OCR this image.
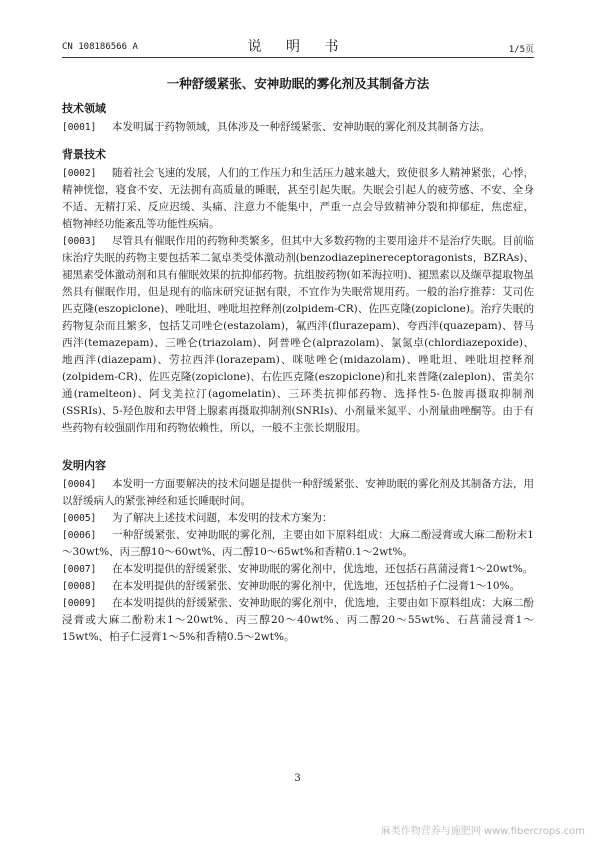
CN 108186566 A	说 明 书	1/5页
一种舒缓紧张、安神助眠的雾化剂及其制备方法
技术领域
[0001] 本发明属于药物领域，具体涉及一种舒缓紧张、安神助眠的雾化剂及其制备方法。
背景技术
[0002] 随着社会飞速的发展，人们的工作压力和生活压力越来越大，致使很多人精神紧张，心悸，精神恍惚，寝食不安、无法拥有高质量的睡眠，甚至引起失眠。失眠会引起人的疲劳感、不安、全身不适、无精打采、反应迟缓、头痛、注意力不能集中，严重一点会导致精神分裂和抑郁症，焦虑症，植物神经功能紊乱等功能性疾病。
[0003] 尽管具有催眠作用的药物种类繁多，但其中大多数药物的主要用途并不是治疗失眠。目前临床治疗失眠的药物主要包括苯二氮卓类受体激动剂(benzodiazepinereceptoragonists，BZRAs)、褪黑素受体激动剂和具有催眠效果的抗抑郁药物。抗组胺药物(如苯海拉明)、褪黑素以及缬草提取物虽然具有催眠作用，但是现有的临床研究证据有限，不宜作为失眠常规用药。一般的治疗推荐：艾司佐匹克隆(eszopiclone)、唑吡坦、唑吡坦控释剂(zolpidem-CR)、佐匹克隆(zopiclone)。治疗失眠的药物复杂而且繁多，包括艾司唑仑(estazolam)，氟西泮(flurazepam)、夸西泮(quazepam)、替马西泮(temazepam)、三唑仑(triazolam)、阿普唑仑(alprazolam)、氯氮卓(chlordiazepoxide)、地西泮(diazepam)、劳拉西泮(lorazepam)、咪哒唑仑(midazolam)、唑吡坦、唑吡坦控释剂(zolpidem-CR)、佐匹克隆(zopiclone)、右佐匹克隆(eszopiclone)和扎来普隆(zaleplon)、雷美尔通(ramelteon)、阿戈美拉汀(agomelatin)、三环类抗抑郁药物、选择性5-色胺再摄取抑制剂(SSRIs)、5-羟色胺和去甲肾上腺素再摄取抑制剂(SNRIs)、小剂量米氮平、小剂量曲唑酮等。由于有些药物有较强副作用和药物依赖性，所以，一般不主张长期服用。
发明内容
[0004] 本发明一方面要解决的技术问题是提供一种舒缓紧张、安神助眠的雾化剂及其制备方法，用以舒缓病人的紧张神经和延长睡眠时间。
[0005] 为了解决上述技术问题，本发明的技术方案为：
[0006] 一种舒缓紧张、安神助眠的雾化剂，主要由如下原料组成：大麻二酚浸膏或大麻二酚粉末1～30wt%、丙三醇10～60wt%、丙二醇10～65wt%和香精0.1～2wt%。
[0007] 在本发明提供的舒缓紧张、安神助眠的雾化剂中，优选地，还包括石菖蒲浸膏1～20wt%。
[0008] 在本发明提供的舒缓紧张、安神助眠的雾化剂中，优选地，还包括柏子仁浸膏1～10%。
[0009] 在本发明提供的舒缓紧张、安神助眠的雾化剂中，优选地，主要由如下原料组成：大麻二酚浸膏或大麻二酚粉末1～20wt%、丙三醇20～40wt%、丙二醇20～55wt%、石菖蒲浸膏1～15wt%、柏子仁浸膏1～5%和香精0.5～2wt%。
3
麻类作物营养与施肥网 www.fibercrops.com
